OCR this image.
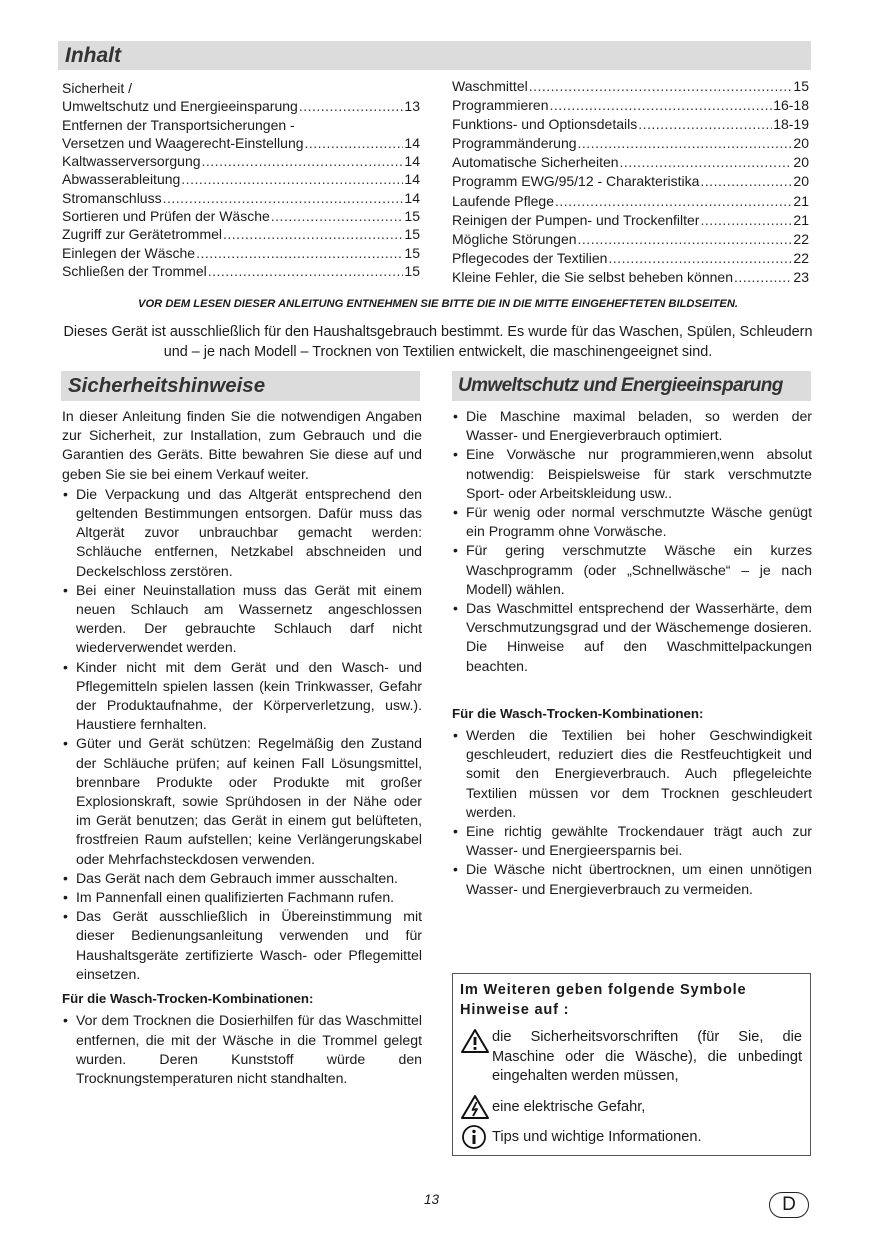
Inhalt
Sicherheit /
Umweltschutz und Energieeinsparung .....	13
Entfernen der Transportsicherungen -
Versetzen und Waagerecht-Einstellung .....	14
Kaltwasserversorgung .....	14
Abwasserableitung .....	14
Stromanschluss .....	14
Sortieren und Prüfen der Wäsche .....	15
Zugriff zur Gerätetrommel .....	15
Einlegen der Wäsche .....	15
Schließen der Trommel .....	15
Waschmittel .....	15
Programmieren .....	16-18
Funktions- und Optionsdetails .....	18-19
Programmänderung .....	20
Automatische Sicherheiten .....	20
Programm EWG/95/12 - Charakteristika .....	20
Laufende Pflege .....	21
Reinigen der Pumpen- und Trockenfilter .....	21
Mögliche Störungen .....	22
Pflegecodes der Textilien .....	22
Kleine Fehler, die Sie selbst beheben können .....	23
VOR DEM LESEN DIESER ANLEITUNG ENTNEHMEN SIE BITTE DIE IN DIE MITTE EINGEHEFTETEN BILDSEITEN.
Dieses Gerät ist ausschließlich für den Haushaltsgebrauch bestimmt. Es wurde für das Waschen, Spülen, Schleudern und – je nach Modell – Trocknen von Textilien entwickelt, die maschinengeeignet sind.
Sicherheitshinweise	Umweltschutz und Energieeinsparung

In dieser Anleitung finden Sie die notwendigen Angaben zur Sicherheit, zur Installation, zum Gebrauch und die Garantien des Geräts. Bitte bewahren Sie diese auf und geben Sie sie bei einem Verkauf weiter.

• Die Verpackung und das Altgerät entsprechend den geltenden Bestimmungen entsorgen. Dafür muss das Altgerät zuvor unbrauchbar gemacht werden: Schläuche entfernen, Netzkabel abschneiden und Deckelschloss zerstören.
• Bei einer Neuinstallation muss das Gerät mit einem neuen Schlauch am Wassernetz angeschlossen werden. Der gebrauchte Schlauch darf nicht wiederverwendet werden.
• Kinder nicht mit dem Gerät und den Wasch- und Pflegemitteln spielen lassen (kein Trinkwasser, Gefahr der Produktaufnahme, der Körperverletzung, usw.). Haustiere fernhalten.
• Güter und Gerät schützen: Regelmäßig den Zustand der Schläuche prüfen; auf keinen Fall Lösungsmittel, brennbare Produkte oder Produkte mit großer Explosionskraft, sowie Sprühdosen in der Nähe oder im Gerät benutzen; das Gerät in einem gut belüfteten, frostfreien Raum aufstellen; keine Verlängerungskabel oder Mehrfachsteckdosen verwenden.
• Das Gerät nach dem Gebrauch immer ausschalten.
• Im Pannenfall einen qualifizierten Fachmann rufen.
• Das Gerät ausschließlich in Übereinstimmung mit dieser Bedienungsanleitung verwenden und für Haushaltsgeräte zertifizierte Wasch- oder Pflegemittel einsetzen.

Für die Wasch-Trocken-Kombinationen:

• Vor dem Trocknen die Dosierhilfen für das Waschmittel entfernen, die mit der Wäsche in die Trommel gelegt wurden. Deren Kunststoff würde den Trocknungstemperaturen nicht standhalten.
• Die Maschine maximal beladen, so werden der Wasser- und Energieverbrauch optimiert.
• Eine Vorwäsche nur programmieren,wenn absolut notwendig: Beispielsweise für stark verschmutzte Sport- oder Arbeitskleidung usw..
• Für wenig oder normal verschmutzte Wäsche genügt ein Programm ohne Vorwäsche.
• Für gering verschmutzte Wäsche ein kurzes Waschprogramm (oder „Schnellwäsche“ – je nach Modell) wählen.
• Das Waschmittel entsprechend der Wasserhärte, dem Verschmutzungsgrad und der Wäschemenge dosieren. Die Hinweise auf den Waschmittelpackungen beachten.

Für die Wasch-Trocken-Kombinationen:

• Werden die Textilien bei hoher Geschwindigkeit geschleudert, reduziert dies die Restfeuchtigkeit und somit den Energieverbrauch. Auch pflegeleichte Textilien müssen vor dem Trocknen geschleudert werden.
• Eine richtig gewählte Trockendauer trägt auch zur Wasser- und Energieersparnis bei.
• Die Wäsche nicht übertrocknen, um einen unnötigen Wasser- und Energieverbrauch zu vermeiden.
Im Weiteren geben folgende Symbole Hinweise auf :
die Sicherheitsvorschriften (für Sie, die Maschine oder die Wäsche), die unbedingt eingehalten werden müssen,
eine elektrische Gefahr,
Tips und wichtige Informationen.
13	D
